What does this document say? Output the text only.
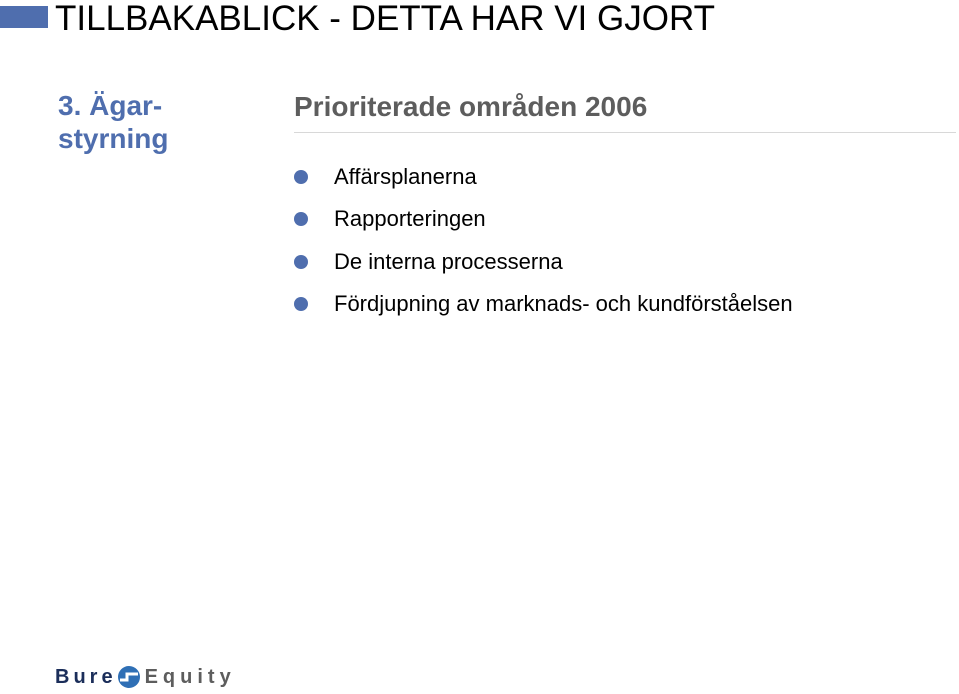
TILLBAKABLICK - DETTA HAR VI GJORT
3. Ägar-
styrning
Prioriterade områden 2006
Affärsplanerna
Rapporteringen
De interna processerna
Fördjupning av marknads- och kundförståelsen
Bure Equity
